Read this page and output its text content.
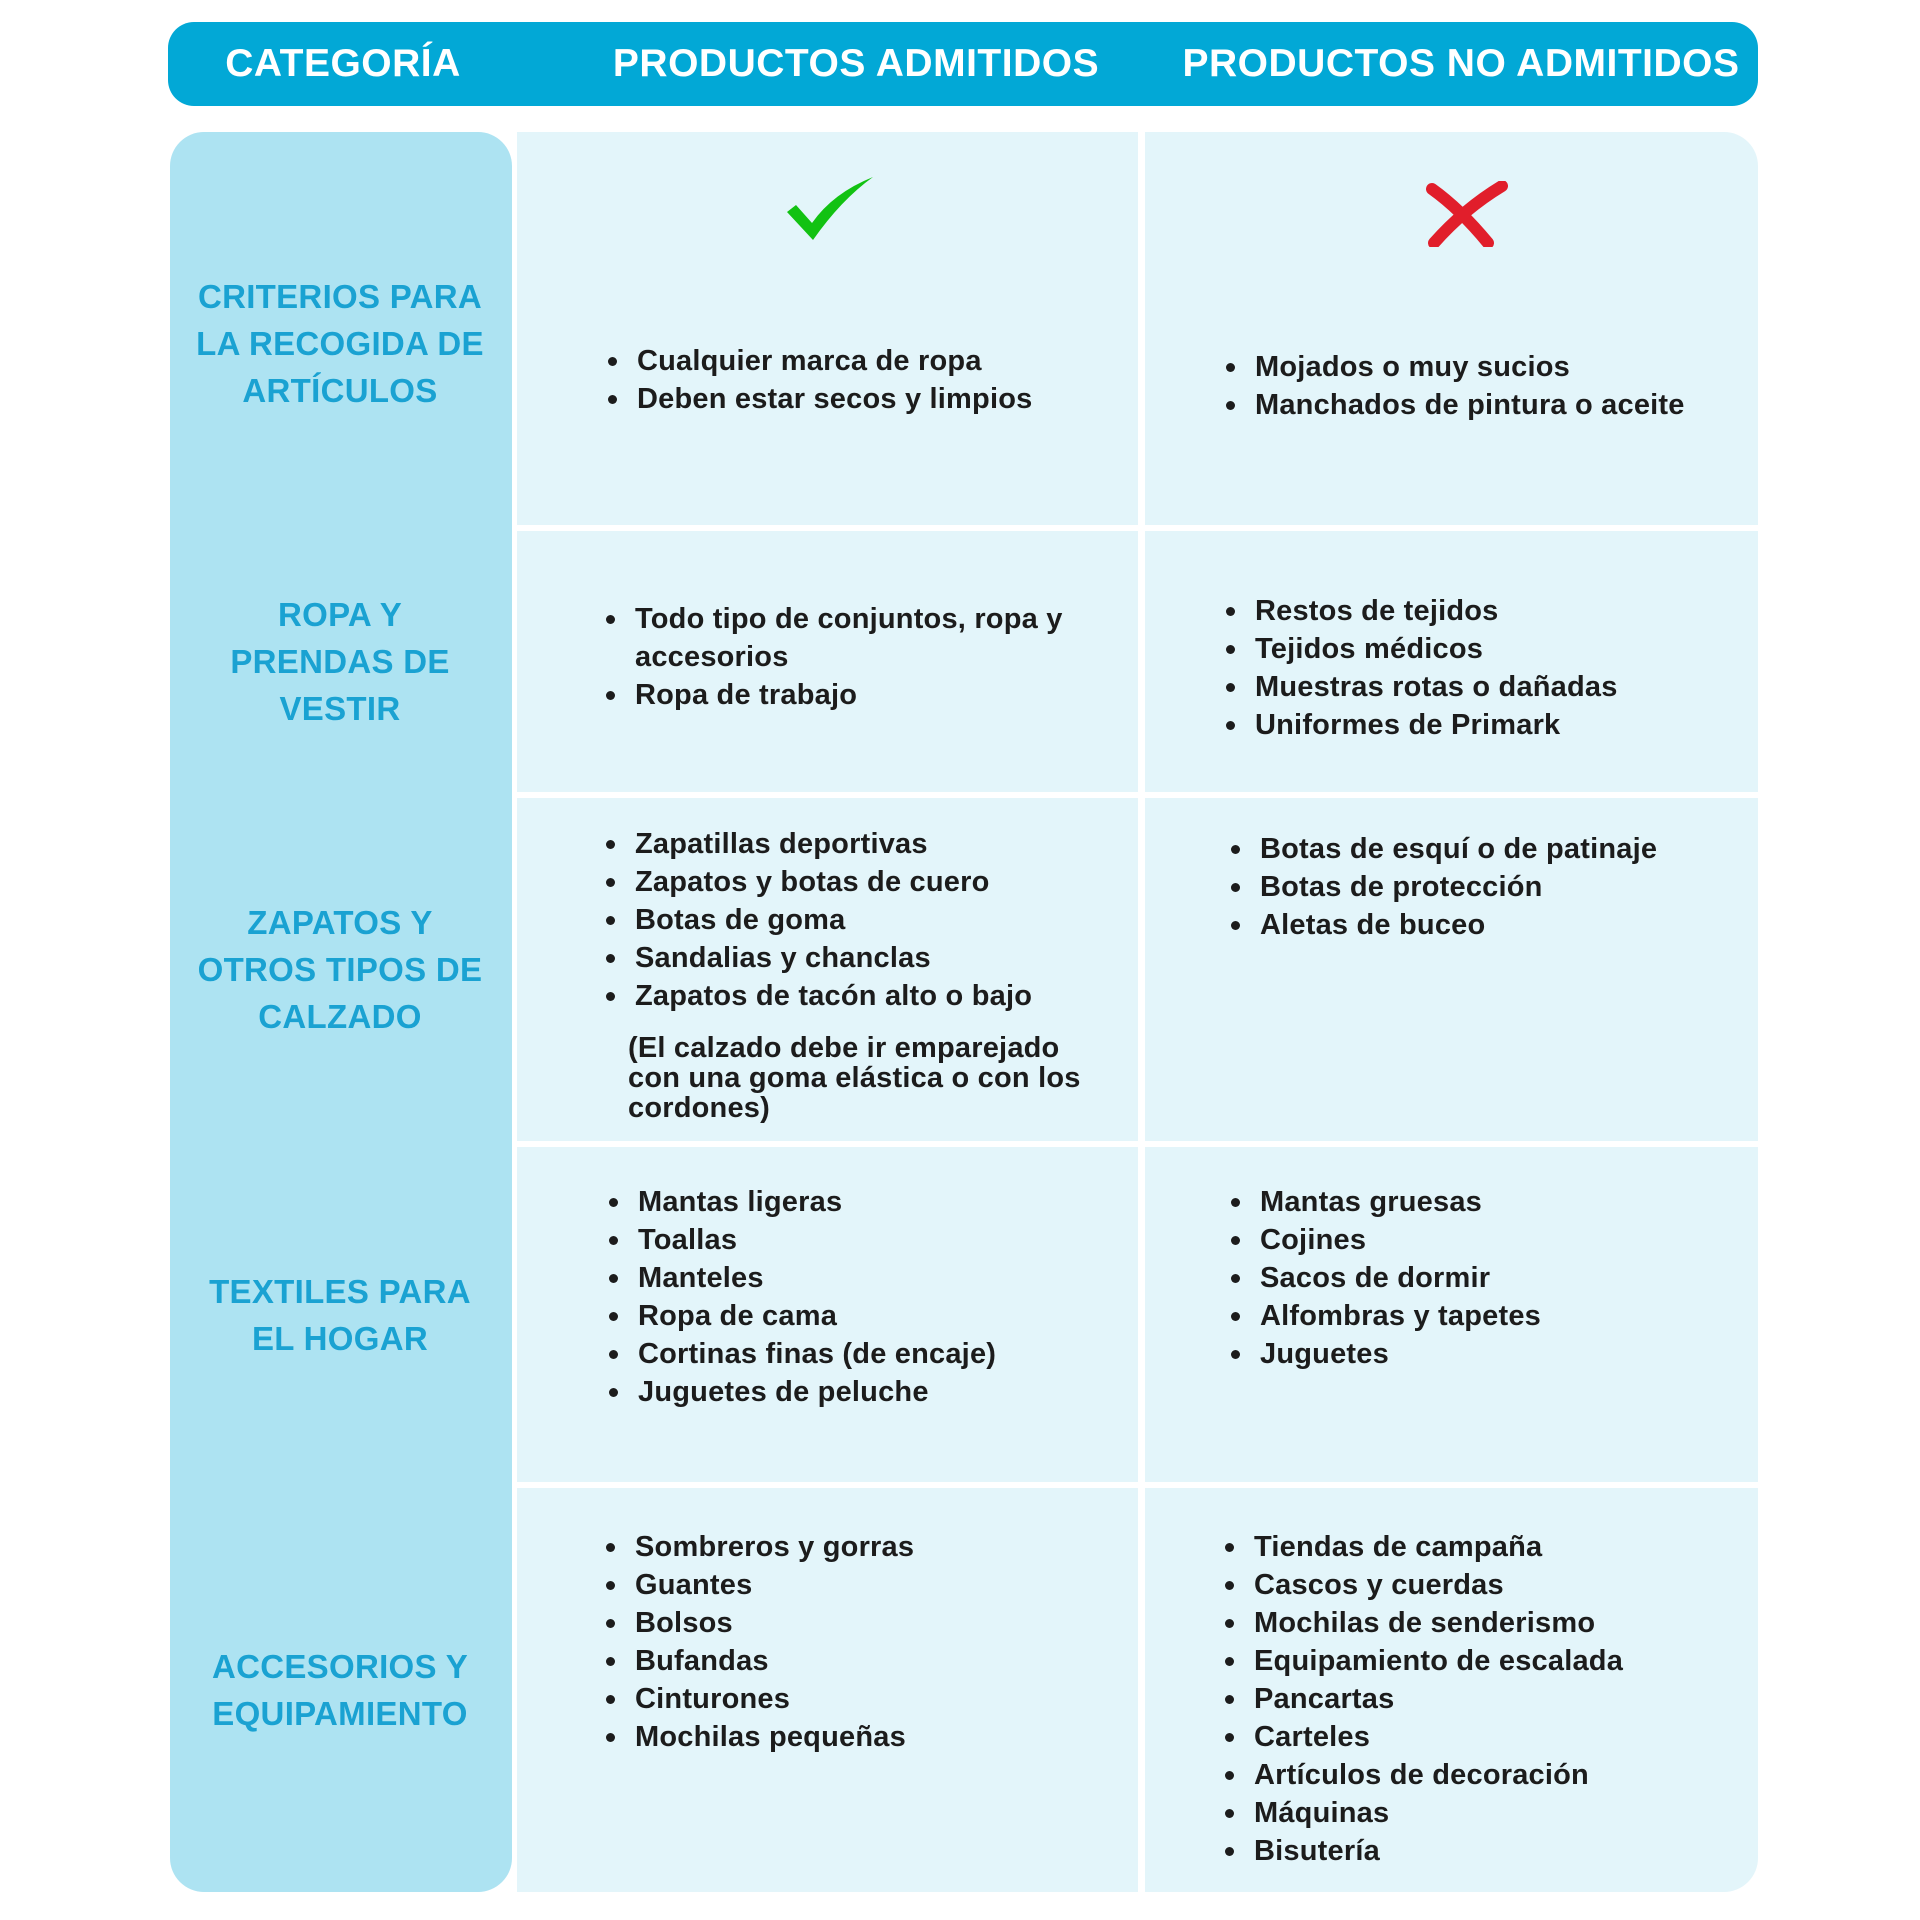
CATEGORÍA	PRODUCTOS ADMITIDOS	PRODUCTOS NO ADMITIDOS
Cualquier marca de ropa
Deben estar secos y limpios
Mojados o muy sucios
Manchados de pintura o aceite
CRITERIOS PARA
LA RECOGIDA DE
ARTÍCULOS
Todo tipo de conjuntos, ropa y accesorios
Ropa de trabajo
Restos de tejidos
Tejidos médicos
Muestras rotas o dañadas
Uniformes de Primark
ROPA Y
PRENDAS DE
VESTIR
Zapatillas deportivas
Zapatos y botas de cuero
Botas de goma
Sandalias y chanclas
Zapatos de tacón alto o bajo
(El calzado debe ir emparejado
con una goma elástica o con los
cordones)
Botas de esquí o de patinaje
Botas de protección
Aletas de buceo
ZAPATOS Y
OTROS TIPOS DE
CALZADO
Mantas ligeras
Toallas
Manteles
Ropa de cama
Cortinas finas (de encaje)
Juguetes de peluche
Mantas gruesas
Cojines
Sacos de dormir
Alfombras y tapetes
Juguetes
TEXTILES PARA
EL HOGAR
Sombreros y gorras
Guantes
Bolsos
Bufandas
Cinturones
Mochilas pequeñas
Tiendas de campaña
Cascos y cuerdas
Mochilas de senderismo
Equipamiento de escalada
Pancartas
Carteles
Artículos de decoración
Máquinas
Bisutería
ACCESORIOS Y
EQUIPAMIENTO
